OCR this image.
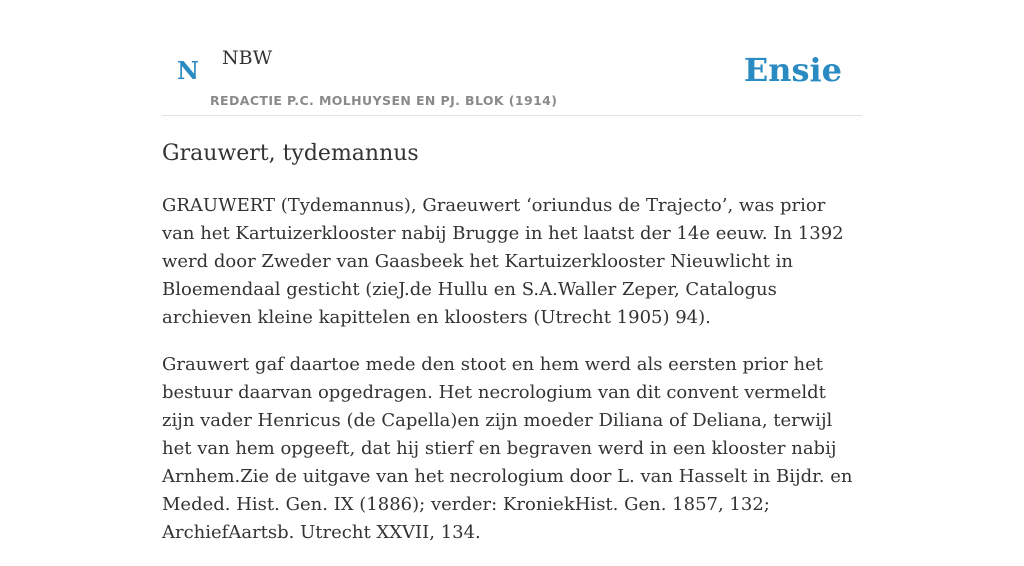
N NBW
REDACTIE P.C. MOLHUYSEN EN PJ. BLOK (1914)
Ensie
Grauwert, tydemannus

GRAUWERT (Tydemannus), Graeuwert ‘oriundus de Trajecto’, was prior van het Kartuizerklooster nabij Brugge in het laatst der 14e eeuw. In 1392 werd door Zweder van Gaasbeek het Kartuizerklooster Nieuwlicht in Bloemendaal gesticht (zieJ.de Hullu en S.A.Waller Zeper, Catalogus archieven kleine kapittelen en kloosters (Utrecht 1905) 94).

Grauwert gaf daartoe mede den stoot en hem werd als eersten prior het bestuur daarvan opgedragen. Het necrologium van dit convent vermeldt zijn vader Henricus (de Capella)en zijn moeder Diliana of Deliana, terwijl het van hem opgeeft, dat hij stierf en begraven werd in een klooster nabij Arnhem.Zie de uitgave van het necrologium door L. van Hasselt in Bijdr. en Meded. Hist. Gen. IX (1886); verder: KroniekHist. Gen. 1857, 132; ArchiefAartsb. Utrecht XXVII, 134.
